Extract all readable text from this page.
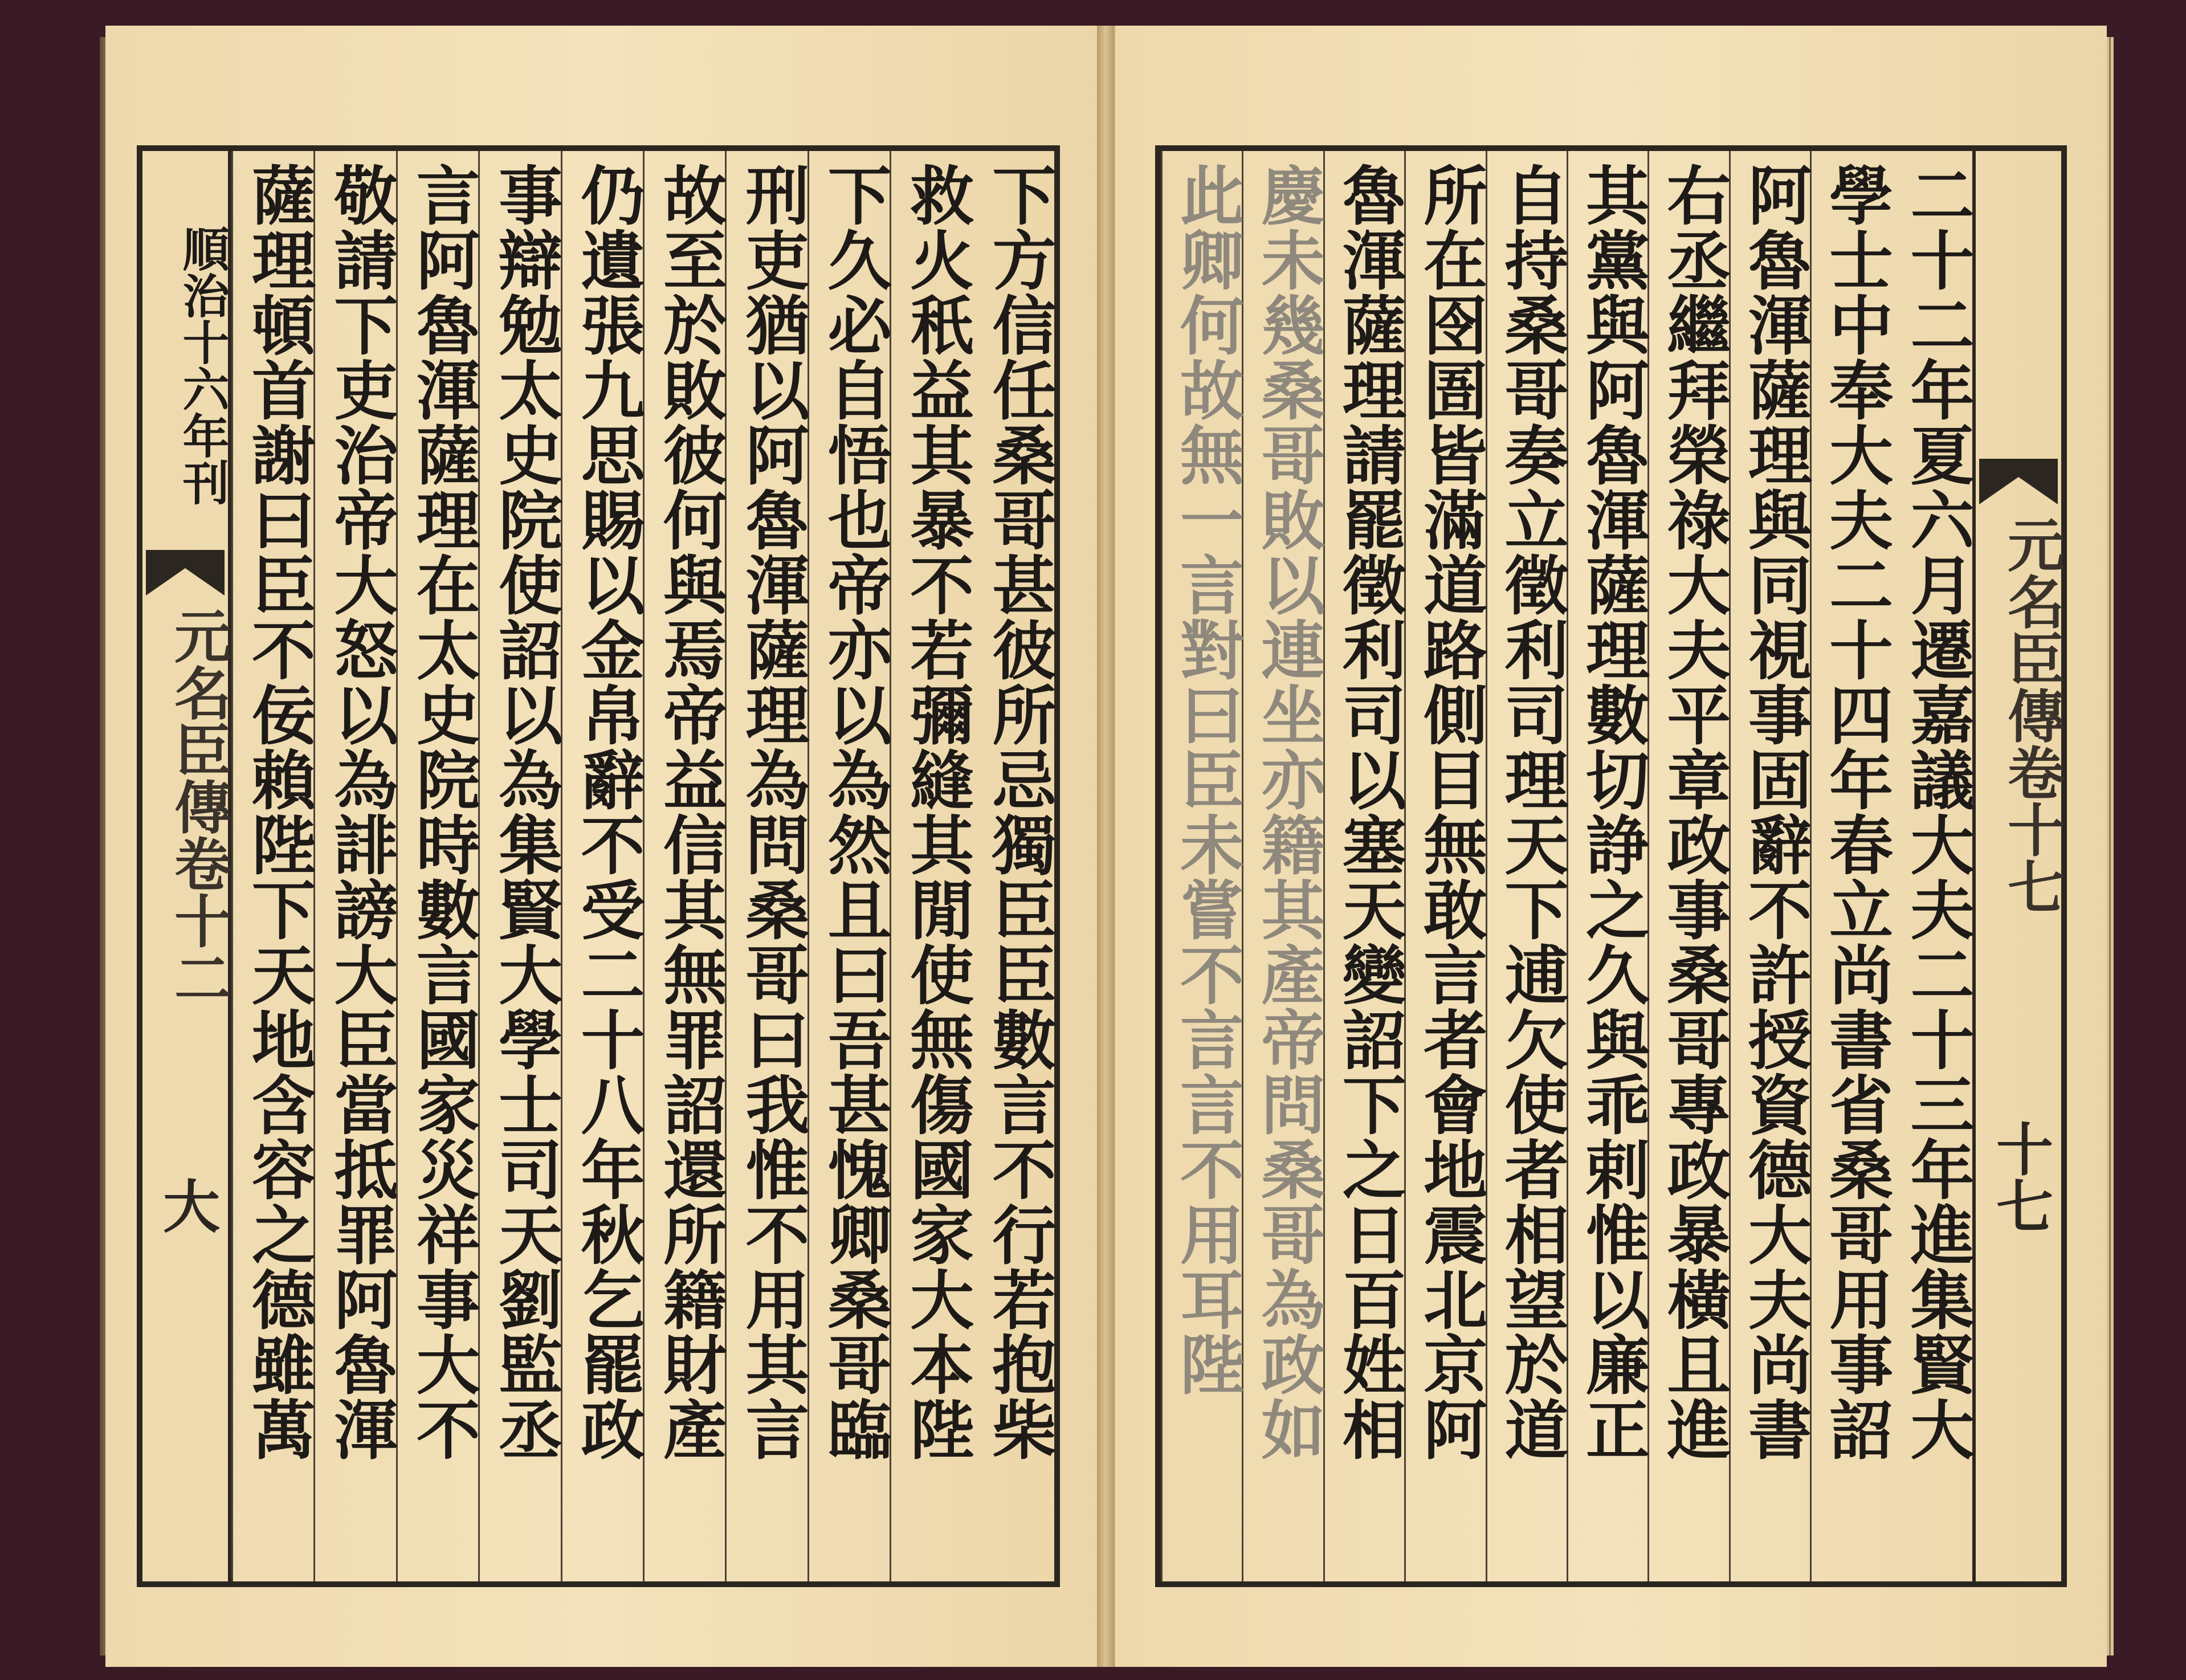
順治十六年刊
元名臣傳卷十二
大	下方信任桑哥甚彼所忌獨臣臣數言不行若抱柴
救火秖益其暴不若彌縫其閒使無傷國家大本陛
下久必自悟也帝亦以為然且曰吾甚愧卿桑哥臨
刑吏猶以阿魯渾薩理為問桑哥曰我惟不用其言
故至於敗彼何與焉帝益信其無罪詔還所籍財產
仍遺張九思賜以金帛辭不受二十八年秋乞罷政
事辯勉太史院使詔以為集賢大學士司天劉監丞
言阿魯渾薩理在太史院時數言國家災祥事大不
敬請下吏治帝大怒以為誹謗大臣當抵罪阿魯渾
薩理頓首謝曰臣不佞賴陛下天地含容之德雖萬	元名臣傳卷十七
十七
二十二年夏六月遷嘉議大夫二十三年進集賢大
學士中奉大夫二十四年春立尚書省桑哥用事詔
阿魯渾薩理與同視事固辭不許授資德大夫尚書
右丞繼拜榮祿大夫平章政事桑哥專政暴橫且進
其黨與阿魯渾薩理數切諍之久與乖剌惟以廉正
自持桑哥奏立徵利司理天下逋欠使者相望於道
所在囹圄皆滿道路側目無敢言者會地震北京阿
魯渾薩理請罷徵利司以塞天變詔下之日百姓相
慶未幾桑哥敗以連坐亦籍其產帝問桑哥為政如
此卿何故無一言對曰臣未嘗不言言不用耳陛
